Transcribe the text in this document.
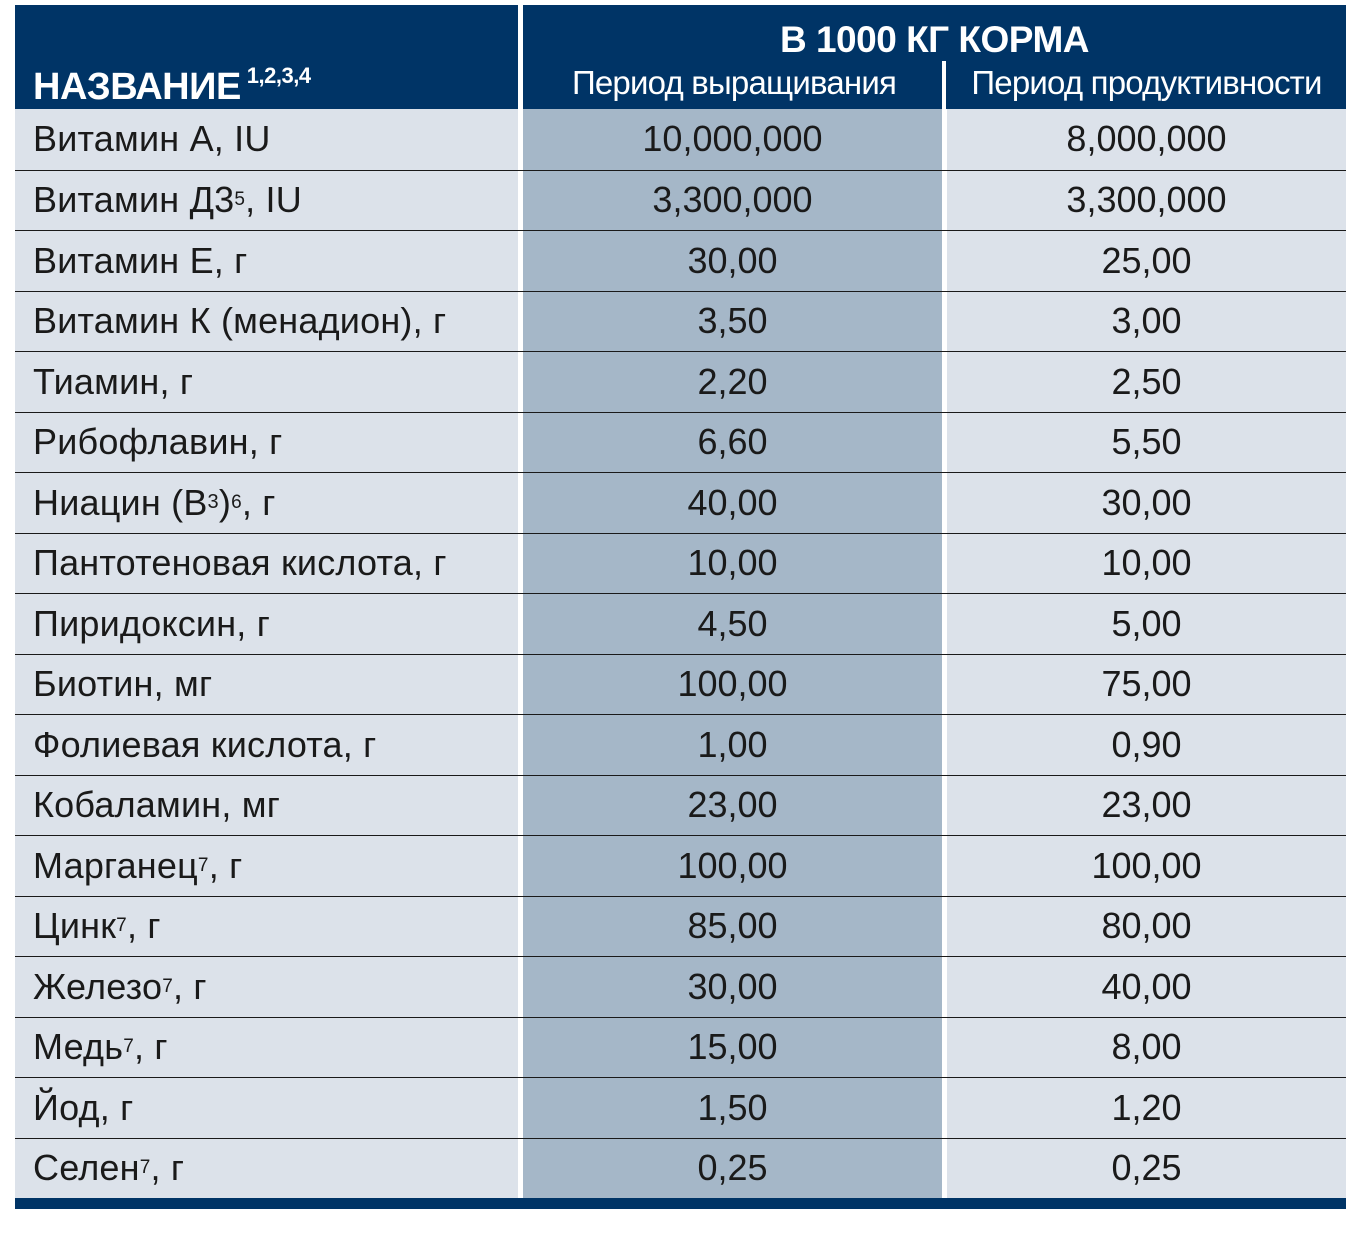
НАЗВАНИЕ $^{1,2,3,4}$
В 1000 КГ КОРМА
Период выращивания	Период продуктивности
Витамин А, IU	10,000,000	8,000,000
Витамин Д3 5 , IU	3,300,000	3,300,000
Витамин Е, г	30,00	25,00
Витамин К (менадион), г	3,50	3,00
Тиамин, г	2,20	2,50
Рибофлавин, г	6,60	5,50
Ниацин (В 3 ) 6 , г	40,00	30,00
Пантотеновая кислота, г	10,00	10,00
Пиридоксин, г	4,50	5,00
Биотин, мг	100,00	75,00
Фолиевая кислота, г	1,00	0,90
Кобаламин, мг	23,00	23,00
Марганец 7 , г	100,00	100,00
Цинк 7 , г	85,00	80,00
Железо 7 , г	30,00	40,00
Медь 7 , г	15,00	8,00
Йод, г	1,50	1,20
Селен 7 , г	0,25	0,25
